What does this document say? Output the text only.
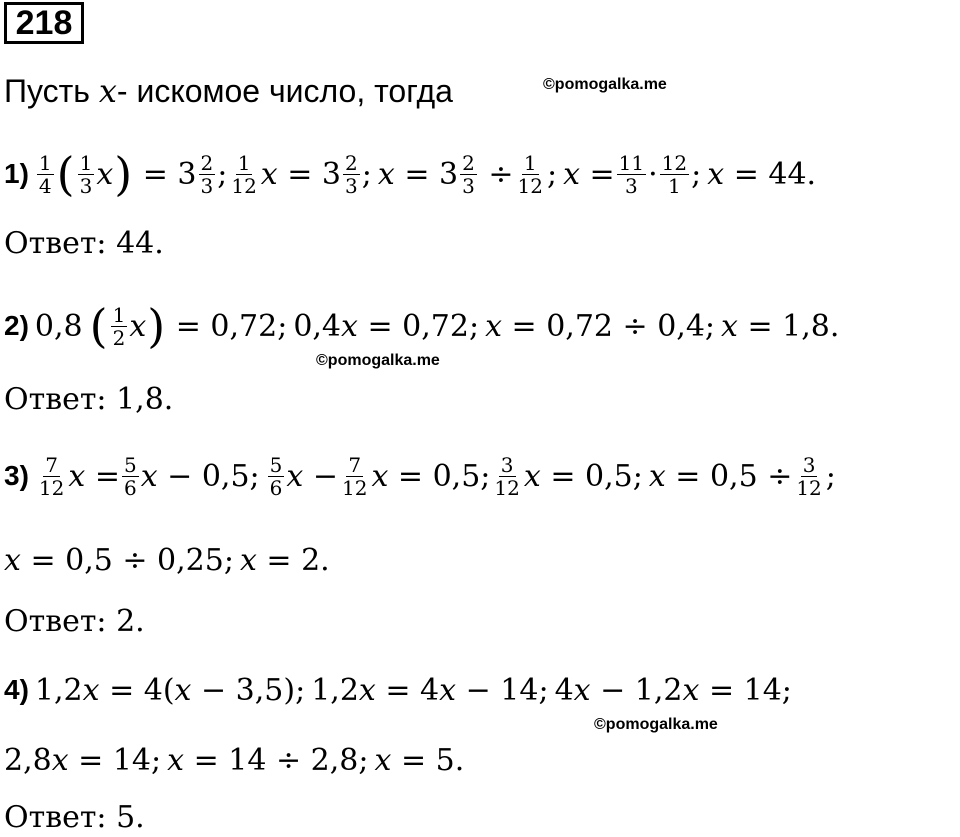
218
Пусть x- искомое число, тогда	©pomogalka.me
1) 1
4 ( 1
3 x ) = 3 2
3 ; 1
12 x = 3 2
3 ; x = 3 2
3 ÷ 1
12 ; x = 11
3 · 12
1 ; x = 44.
Ответ: 44.
2) 0,8 ( 1
2 x ) = 0,72; 0,4 x = 0,72; x = 0,72 ÷ 0,4; x = 1,8.
©pomogalka.me
Ответ: 1,8.
3) 7
12 x = 5
6 x − 0,5; 5
6 x − 7
12 x = 0,5; 3
12 x = 0,5; x = 0,5 ÷ 3
12 ;
x = 0,5 ÷ 0,25; x = 2.
Ответ: 2.
4) 1,2 x = 4( x − 3,5); 1,2 x = 4 x − 14; 4 x − 1,2 x = 14;
©pomogalka.me
2,8 x = 14; x = 14 ÷ 2,8; x = 5.
Ответ: 5.
